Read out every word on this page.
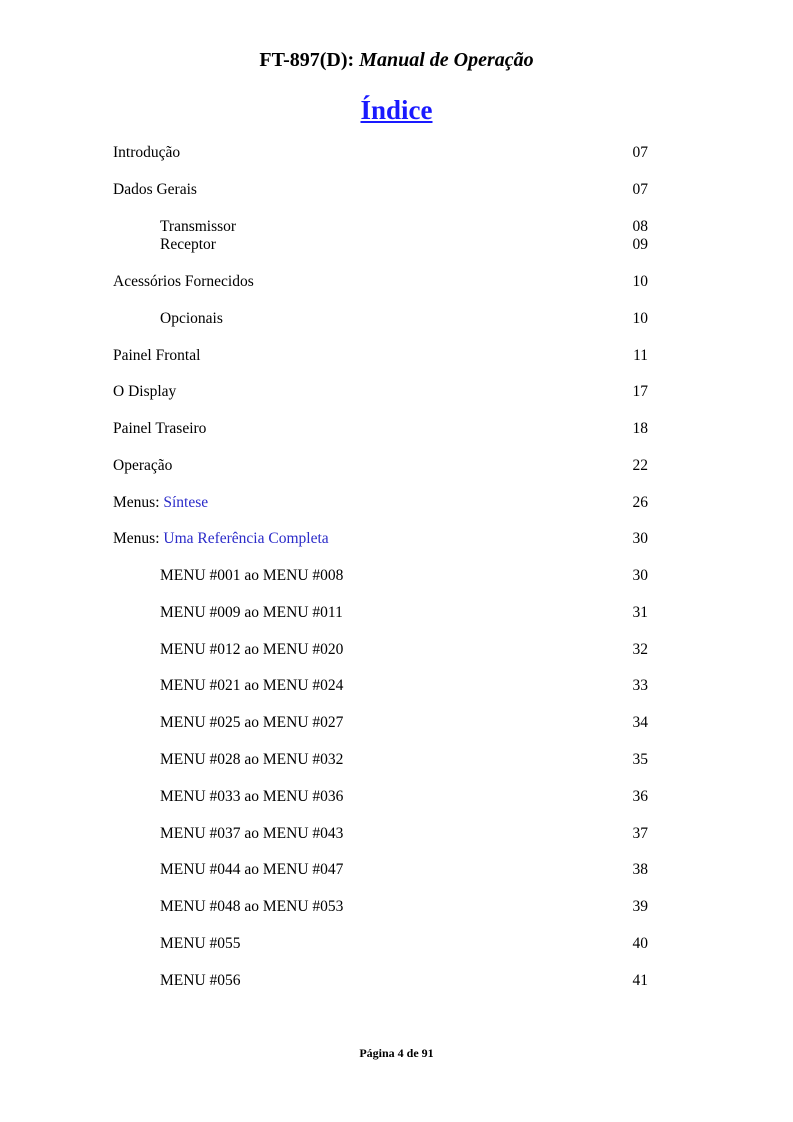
FT-897(D): Manual de Operação
Índice
Introdução	07
Dados Gerais	07
Transmissor	08
Receptor	09
Acessórios Fornecidos	10
Opcionais	10
Painel Frontal	11
O Display	17
Painel Traseiro	18
Operação	22
Menus: Síntese	26
Menus: Uma Referência Completa	30
MENU #001 ao MENU #008	30
MENU #009 ao MENU #011	31
MENU #012 ao MENU #020	32
MENU #021 ao MENU #024	33
MENU #025 ao MENU #027	34
MENU #028 ao MENU #032	35
MENU #033 ao MENU #036	36
MENU #037 ao MENU #043	37
MENU #044 ao MENU #047	38
MENU #048 ao MENU #053	39
MENU #055	40
MENU #056	41
Página 4 de 91
